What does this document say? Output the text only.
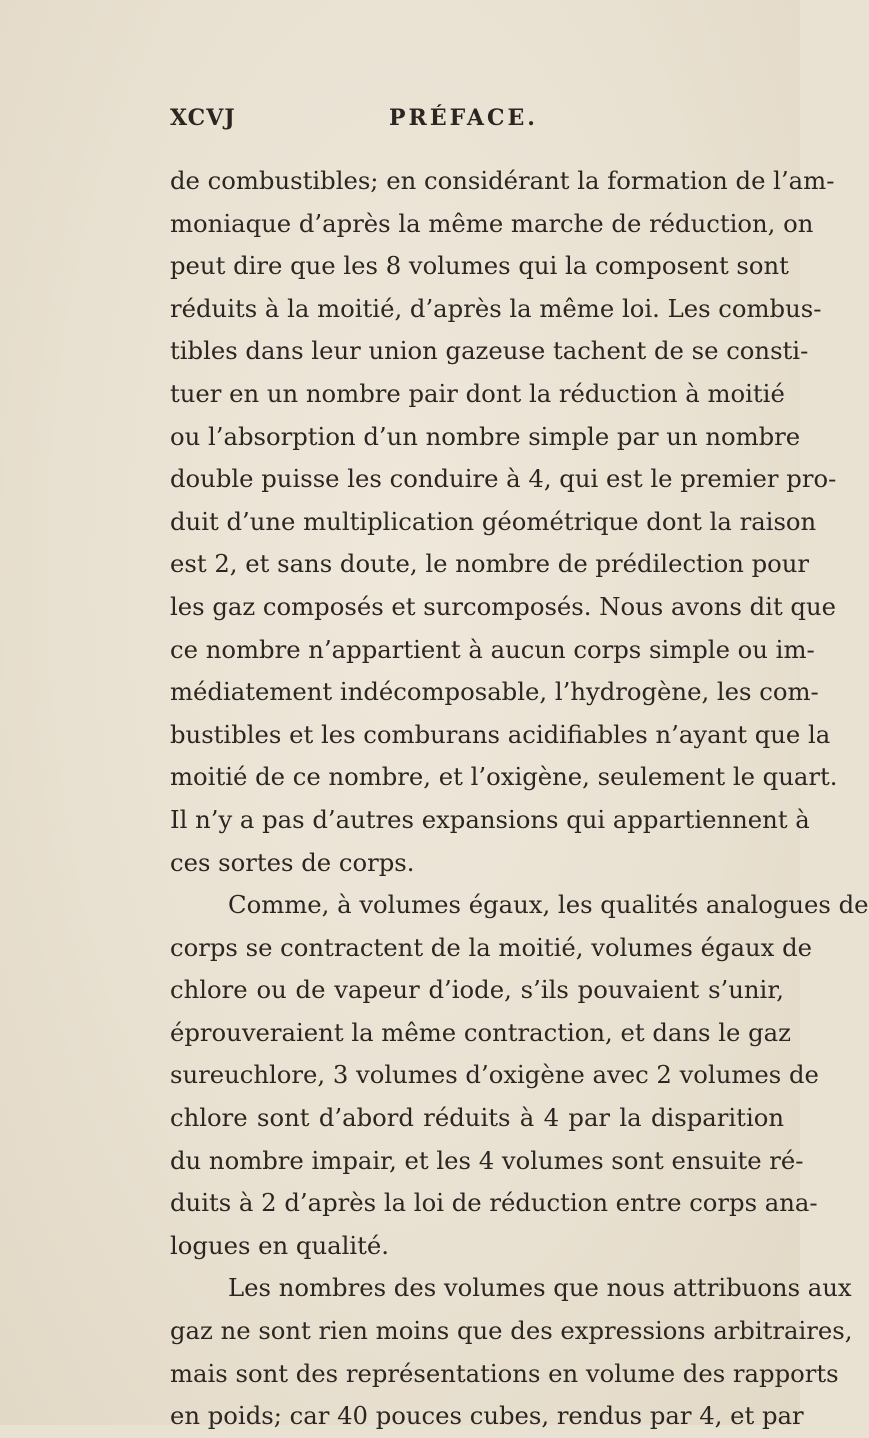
XCVJ	PRÉFACE.
de combustibles; en considérant la formation de l’am-
moniaque d’après la même marche de réduction, on
peut dire que les 8 volumes qui la composent sont
réduits à la moitié, d’après la même loi. Les combus-
tibles dans leur union gazeuse tachent de se consti-
tuer en un nombre pair dont la réduction à moitié
ou l’absorption d’un nombre simple par un nombre
double puisse les conduire à 4, qui est le premier pro-
duit d’une multiplication géométrique dont la raison
est 2, et sans doute, le nombre de prédilection pour
les gaz composés et surcomposés. Nous avons dit que
ce nombre n’appartient à aucun corps simple ou im-
médiatement indécomposable, l’hydrogène, les com-
bustibles et les comburans acidifiables n’ayant que la
moitié de ce nombre, et l’oxigène, seulement le quart.
Il n’y a pas d’autres expansions qui appartiennent à
ces sortes de corps.
Comme, à volumes égaux, les qualités analogues de
corps se contractent de la moitié, volumes égaux de
chlore ou de vapeur d’iode, s’ils pouvaient s’unir,
éprouveraient la même contraction, et dans le gaz
sureuchlore, 3 volumes d’oxigène avec 2 volumes de
chlore sont d’abord réduits à 4 par la disparition
du nombre impair, et les 4 volumes sont ensuite ré-
duits à 2 d’après la loi de réduction entre corps ana-
logues en qualité.
Les nombres des volumes que nous attribuons aux
gaz ne sont rien moins que des expressions arbitraires,
mais sont des représentations en volume des rapports
en poids; car 40 pouces cubes, rendus par 4, et par
